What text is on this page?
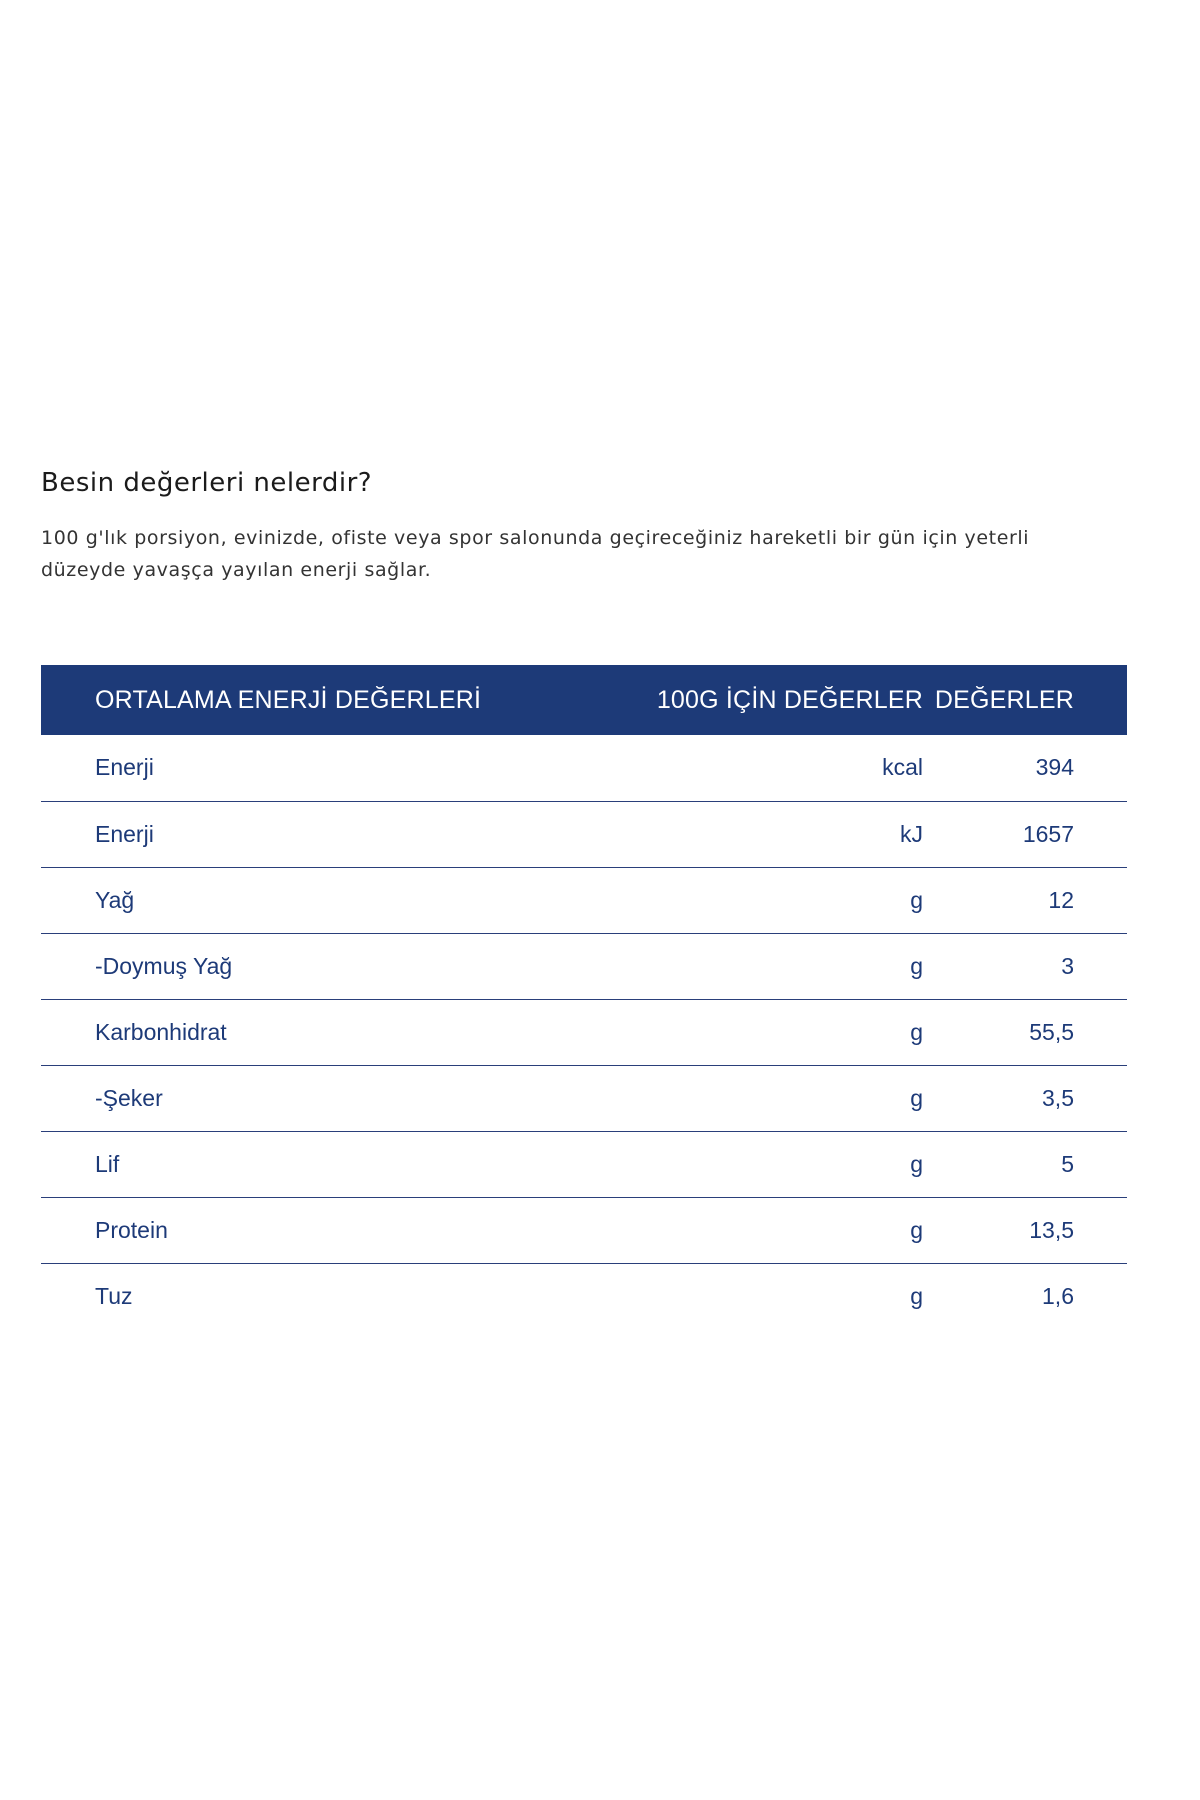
Besin değerleri nelerdir?

100 g'lık porsiyon, evinizde, ofiste veya spor salonunda geçireceğiniz hareketli bir gün için yeterli düzeyde yavaşça yayılan enerji sağlar.

ORTALAMA ENERJİ DEĞERLERİ	100G İÇİN DEĞERLER	DEĞERLER
Enerji	kcal	394
Enerji	kJ	1657
Yağ	g	12
-Doymuş Yağ	g	3
Karbonhidrat	g	55,5
-Şeker	g	3,5
Lif	g	5
Protein	g	13,5
Tuz	g	1,6
